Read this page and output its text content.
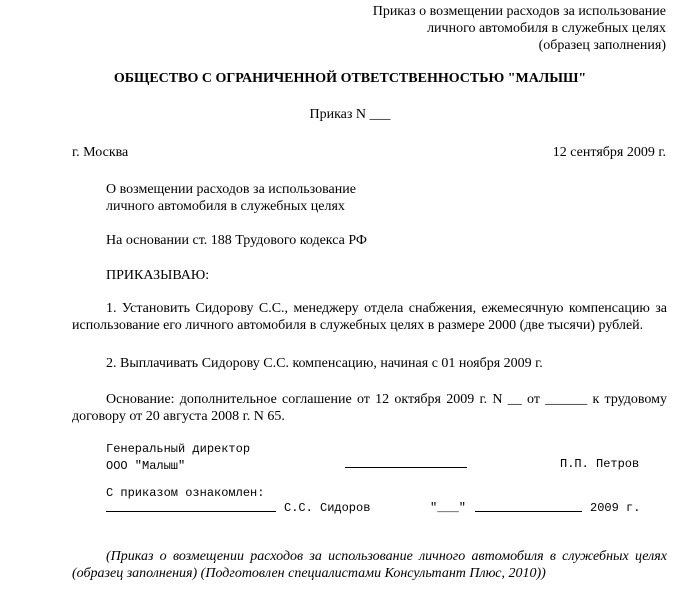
Приказ о возмещении расходов за использование
личного автомобиля в служебных целях
(образец заполнения)
ОБЩЕСТВО С ОГРАНИЧЕННОЙ ОТВЕТСТВЕННОСТЬЮ "МАЛЫШ"
Приказ N ___
г. Москва	12 сентября 2009 г.
О возмещении расходов за использование
личного автомобиля в служебных целях
На основании ст. 188 Трудового кодекса РФ
ПРИКАЗЫВАЮ:
1. Установить Сидорову С.С., менеджеру отдела снабжения, ежемесячную компенсацию за использование его личного автомобиля в служебных целях в размере 2000 (две тысячи) рублей.
2. Выплачивать Сидорову С.С. компенсацию, начиная с 01 ноября 2009 г.
Основание: дополнительное соглашение от 12 октября 2009 г. N __ от ______ к трудовому договору от 20 августа 2008 г. N 65.
Генеральный директор
ООО "Малыш"	П.П. Петров
С приказом ознакомлен:
С.С. Сидоров	"___"	2009 г.
(Приказ о возмещении расходов за использование личного автомобиля в служебных целях (образец заполнения) (Подготовлен специалистами Консультант Плюс, 2010))
